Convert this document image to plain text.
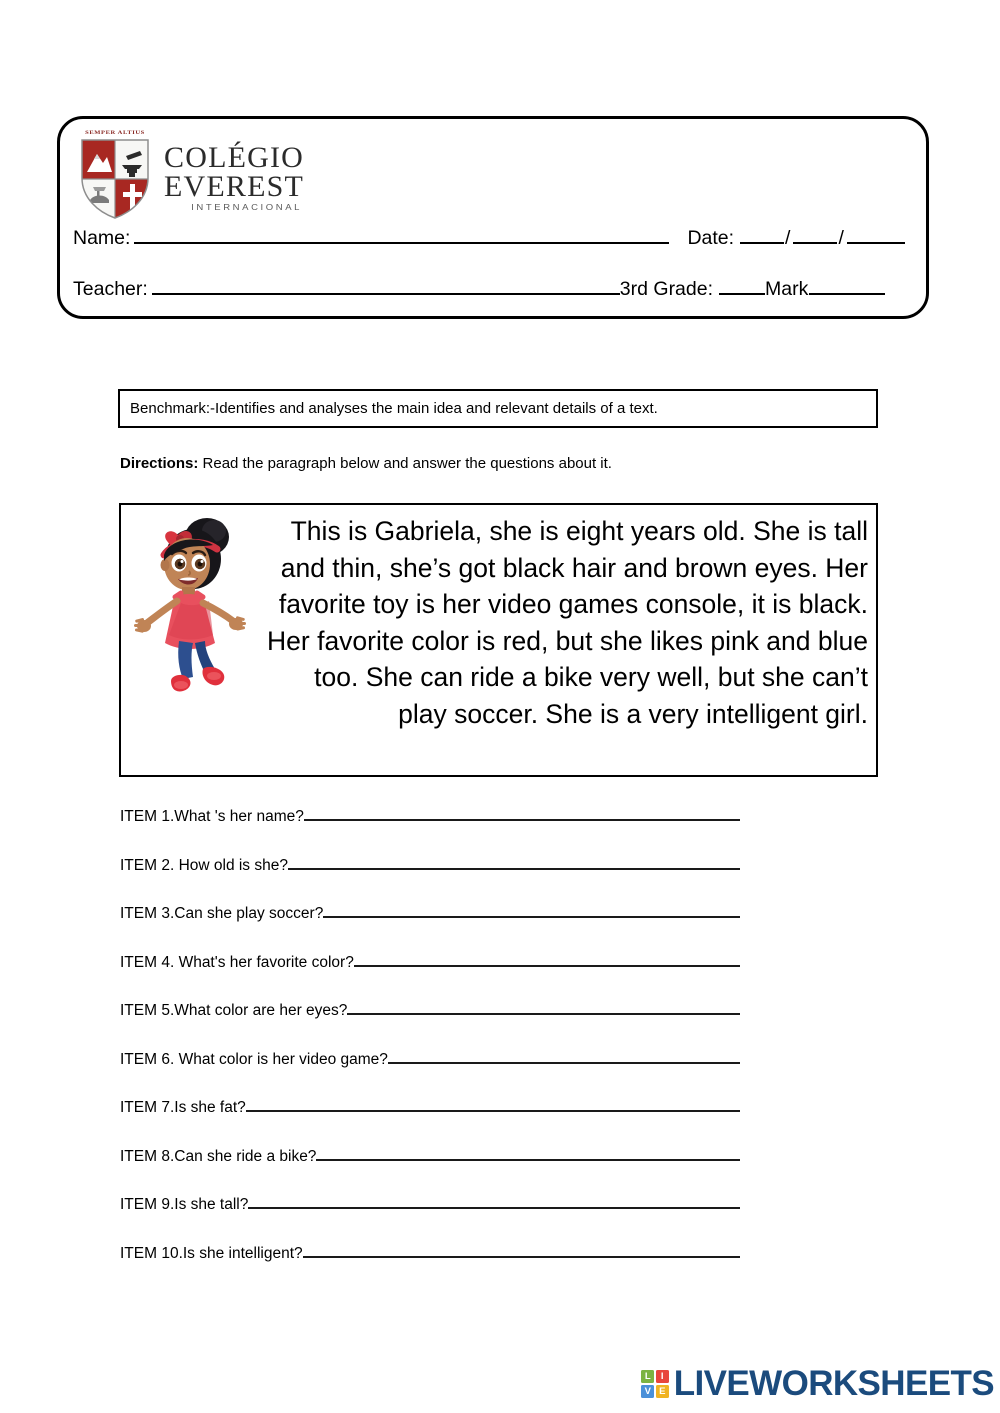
SEMPER ALTIUS
COLÉGIO
EVEREST
INTERNACIONAL
Name:	Date:	/ /
Teacher:	3rd Grade:	Mark
Benchmark:-Identifies and analyses the main idea and relevant details of a text.
Directions: Read the paragraph below and answer the questions about it.
This is Gabriela, she is eight years old. She is tall and thin, she’s got black hair and brown eyes. Her favorite toy is her video games console, it is black. Her favorite color is red, but she likes pink and blue too. She can ride a bike very well, but she can’t play soccer. She is a very intelligent girl.
ITEM 1.What 's her name?
ITEM 2. How old is she?
ITEM 3.Can she play soccer?
ITEM 4. What's her favorite color?
ITEM 5.What color are her eyes?
ITEM 6. What color is her video game?
ITEM 7.Is she fat?
ITEM 8.Can she ride a bike?
ITEM 9.Is she tall?
ITEM 10.Is she intelligent?
L	I
V E LIVEWORKSHEETS
